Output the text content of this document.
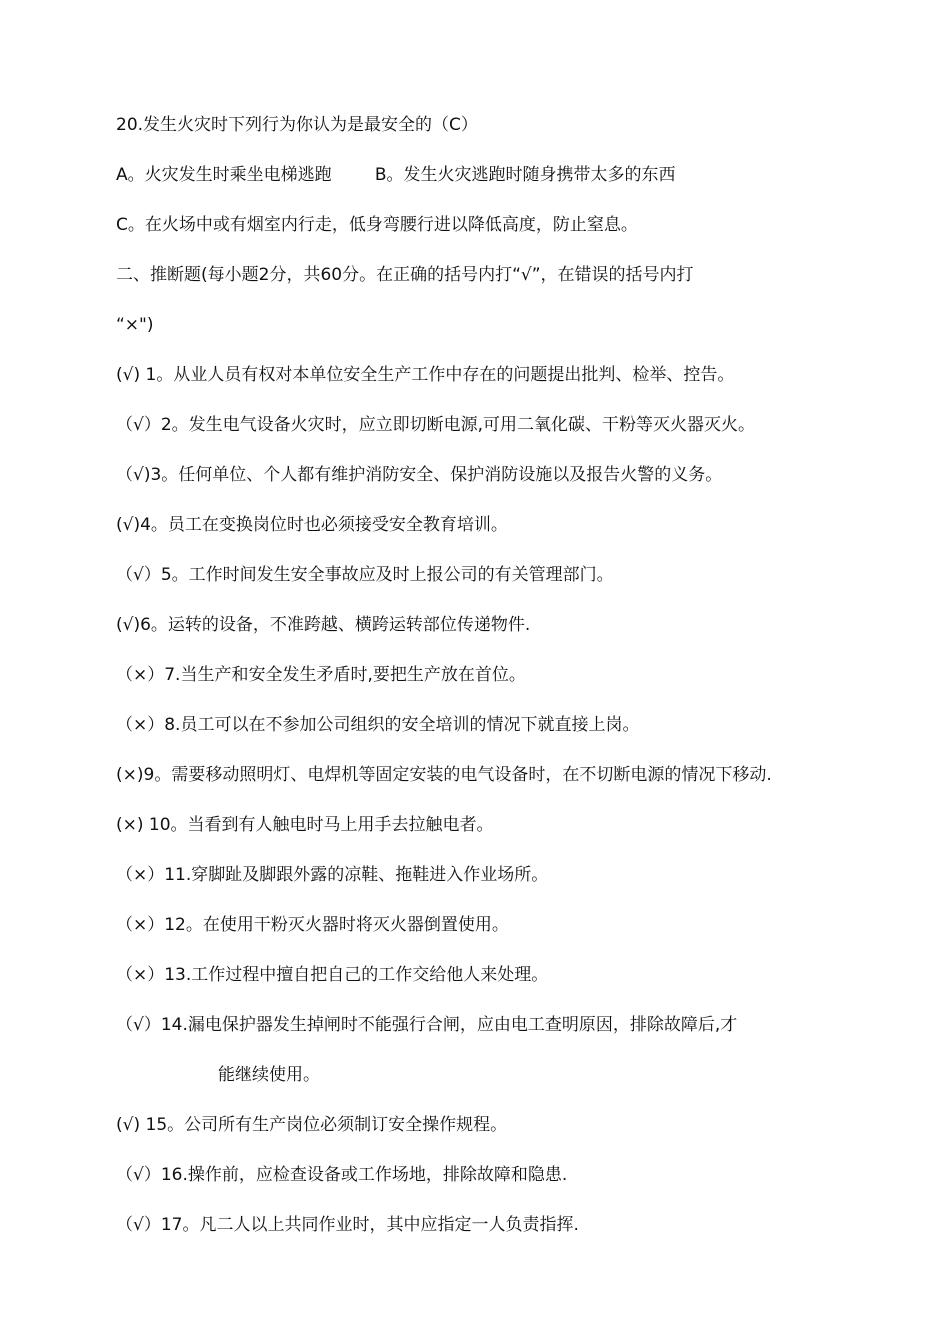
20.发生火灾时下列行为你认为是最安全的（C）
A。火灾发生时乘坐电梯逃跑        B。发生火灾逃跑时随身携带太多的东西
C。在火场中或有烟室内行走，低身弯腰行进以降低高度，防止窒息。
二、推断题(每小题2分，共60分。在正确的括号内打“√”，在错误的括号内打
“×")
(√) 1。从业人员有权对本单位安全生产工作中存在的问题提出批判、检举、控告。
（√）2。发生电气设备火灾时，应立即切断电源,可用二氧化碳、干粉等灭火器灭火。
（√)3。任何单位、个人都有维护消防安全、保护消防设施以及报告火警的义务。
(√)4。员工在变换岗位时也必须接受安全教育培训。
（√）5。工作时间发生安全事故应及时上报公司的有关管理部门。
(√)6。运转的设备，不准跨越、横跨运转部位传递物件.
（×）7.当生产和安全发生矛盾时,要把生产放在首位。
（×）8.员工可以在不参加公司组织的安全培训的情况下就直接上岗。
(×)9。需要移动照明灯、电焊机等固定安装的电气设备时，在不切断电源的情况下移动.
(×) 10。当看到有人触电时马上用手去拉触电者。
（×）11.穿脚趾及脚跟外露的凉鞋、拖鞋进入作业场所。
（×）12。在使用干粉灭火器时将灭火器倒置使用。
（×）13.工作过程中擅自把自己的工作交给他人来处理。
（√）14.漏电保护器发生掉闸时不能强行合闸，应由电工查明原因，排除故障后,才
能继续使用。
(√) 15。公司所有生产岗位必须制订安全操作规程。
（√）16.操作前，应检查设备或工作场地，排除故障和隐患.
（√）17。凡二人以上共同作业时，其中应指定一人负责指挥.
